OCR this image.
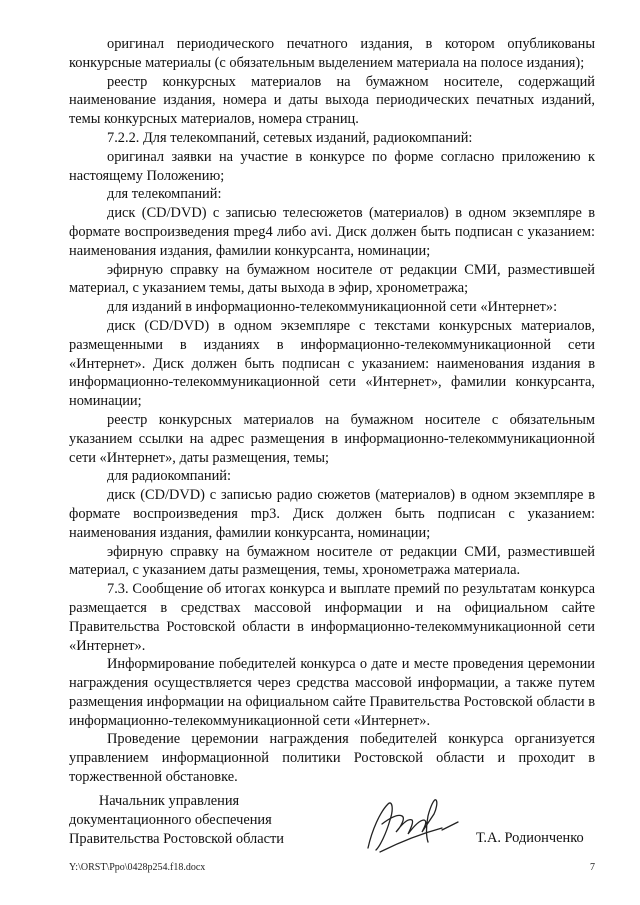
оригинал периодического печатного издания, в котором опубликованы конкурсные материалы (с обязательным выделением материала на полосе издания);

реестр конкурсных материалов на бумажном носителе, содержащий наименование издания, номера и даты выхода периодических печатных изданий, темы конкурсных материалов, номера страниц.

7.2.2. Для телекомпаний, сетевых изданий, радиокомпаний:

оригинал заявки на участие в конкурсе по форме согласно приложению к настоящему Положению;

для телекомпаний:

диск (CD/DVD) с записью телесюжетов (материалов) в одном экземпляре в формате воспроизведения mpeg4 либо avi. Диск должен быть подписан с указанием: наименования издания, фамилии конкурсанта, номинации;

эфирную справку на бумажном носителе от редакции СМИ, разместившей материал, с указанием темы, даты выхода в эфир, хронометража;

для изданий в информационно-телекоммуникационной сети «Интернет»:

диск (CD/DVD) в одном экземпляре с текстами конкурсных материалов, размещенными в изданиях в информационно-телекоммуникационной сети «Интернет». Диск должен быть подписан с указанием: наименования издания в информационно-телекоммуникационной сети «Интернет», фамилии конкурсанта, номинации;

реестр конкурсных материалов на бумажном носителе с обязательным указанием ссылки на адрес размещения в информационно-телекоммуникационной сети «Интернет», даты размещения, темы;

для радиокомпаний:

диск (CD/DVD) с записью радио сюжетов (материалов) в одном экземпляре в формате воспроизведения mp3. Диск должен быть подписан с указанием: наименования издания, фамилии конкурсанта, номинации;

эфирную справку на бумажном носителе от редакции СМИ, разместившей материал, с указанием даты размещения, темы, хронометража материала.

7.3. Сообщение об итогах конкурса и выплате премий по результатам конкурса размещается в средствах массовой информации и на официальном сайте Правительства Ростовской области в информационно-телекоммуникационной сети «Интернет».

Информирование победителей конкурса о дате и месте проведения церемонии награждения осуществляется через средства массовой информации, а также путем размещения информации на официальном сайте Правительства Ростовской области в информационно-телекоммуникационной сети «Интернет».

Проведение церемонии награждения победителей конкурса организуется управлением информационной политики Ростовской области и проходит в торжественной обстановке.

Начальник управления
документационного обеспечения
Правительства Ростовской области	Т.А. Родионченко
Y:\ORST\Ppo\0428p254.f18.docx	7
